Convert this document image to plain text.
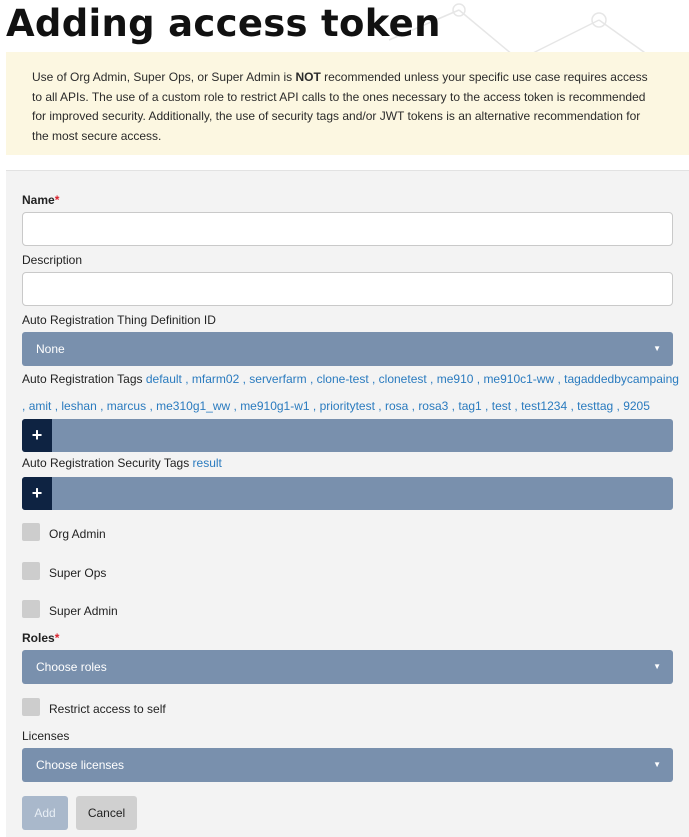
Adding access token
Use of Org Admin, Super Ops, or Super Admin is NOT recommended unless your specific use case requires access to all APIs. The use of a custom role to restrict API calls to the ones necessary to the access token is recommended for improved security. Additionally, the use of security tags and/or JWT tokens is an alternative recommendation for the most secure access.
Name*
Description
Auto Registration Thing Definition ID
None	▼
Auto Registration Tags default , mfarm02 , serverfarm , clone-test , clonetest , me910 , me910c1-ww , tagaddedbycampaing , amit , leshan , marcus , me310g1_ww , me910g1-w1 , prioritytest , rosa , rosa3 , tag1 , test , test1234 , testtag , 9205
+
Auto Registration Security Tags result
+
Org Admin
Super Ops
Super Admin
Roles*
Choose roles	▼
Restrict access to self
Licenses
Choose licenses	▼
Add	Cancel
